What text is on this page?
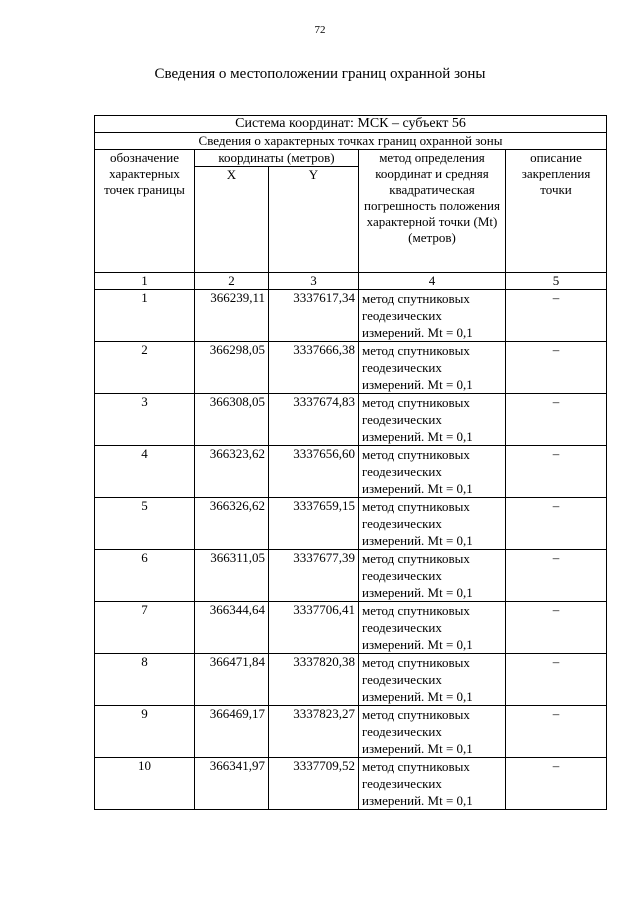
72
Сведения о местоположении границ охранной зоны
Система координат: МСК – субъект 56				
Сведения о характерных точках границ охранной зоны				
обозначение характерных точек границы	координаты (метров)		метод определения координат и средняя квадратическая погрешность положения характерной точки (Mt) (метров)	описание закрепления точки
	X	Y		
1	2	3	4	5
1	366239,11	3337617,34	метод спутниковых геодезических измерений. Mt = 0,1	–
2	366298,05	3337666,38	метод спутниковых геодезических измерений. Mt = 0,1	–
3	366308,05	3337674,83	метод спутниковых геодезических измерений. Mt = 0,1	–
4	366323,62	3337656,60	метод спутниковых геодезических измерений. Mt = 0,1	–
5	366326,62	3337659,15	метод спутниковых геодезических измерений. Mt = 0,1	–
6	366311,05	3337677,39	метод спутниковых геодезических измерений. Mt = 0,1	–
7	366344,64	3337706,41	метод спутниковых геодезических измерений. Mt = 0,1	–
8	366471,84	3337820,38	метод спутниковых геодезических измерений. Mt = 0,1	–
9	366469,17	3337823,27	метод спутниковых геодезических измерений. Mt = 0,1	–
10	366341,97	3337709,52	метод спутниковых геодезических измерений. Mt = 0,1	–
